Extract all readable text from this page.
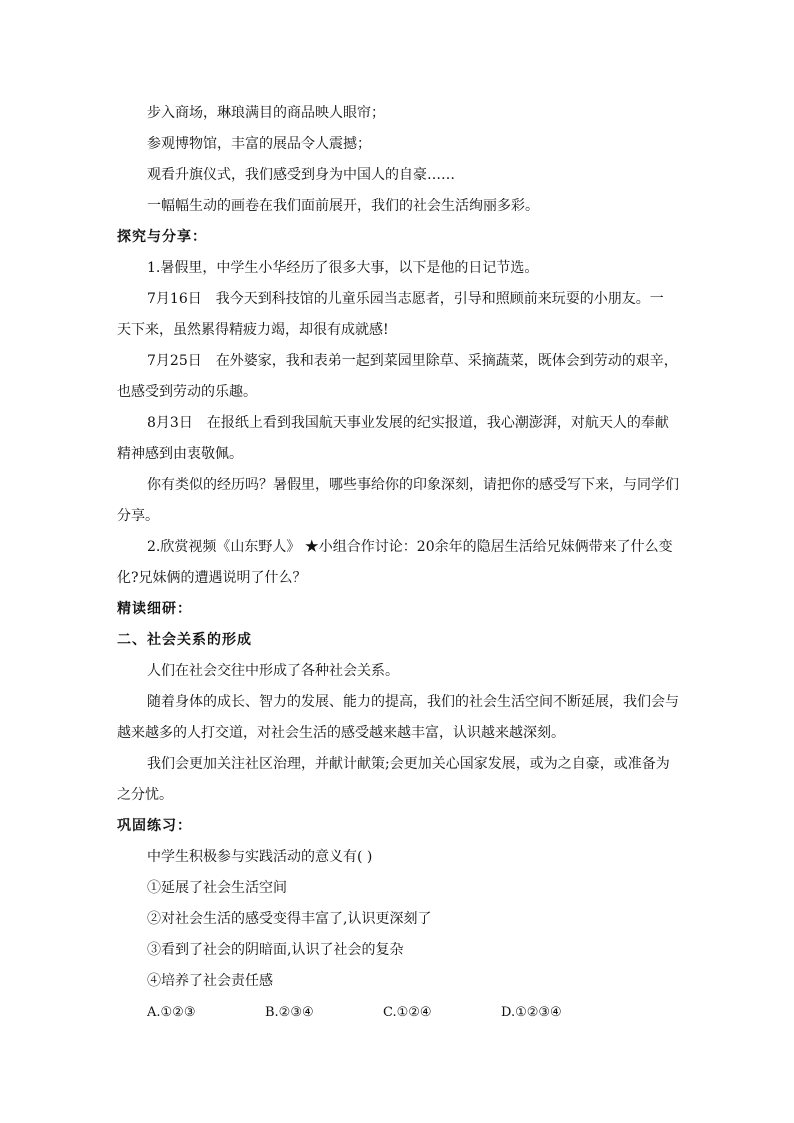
步入商场，琳琅满目的商品映人眼帘；
参观博物馆，丰富的展品令人震撼；
观看升旗仪式，我们感受到身为中国人的自豪……
一幅幅生动的画卷在我们面前展开，我们的社会生活绚丽多彩。
探究与分享：
1.暑假里，中学生小华经历了很多大事，以下是他的日记节选。
7月16日 我今天到科技馆的儿童乐园当志愿者，引导和照顾前来玩耍的小朋友。一
天下来，虽然累得精疲力竭，却很有成就感!
7月25日 在外婆家，我和表弟一起到菜园里除草、采摘蔬菜，既体会到劳动的艰辛，
也感受到劳动的乐趣。
8月3日 在报纸上看到我国航天事业发展的纪实报道，我心潮澎湃，对航天人的奉献
精神感到由衷敬佩。
你有类似的经历吗？暑假里，哪些事给你的印象深刻，请把你的感受写下来，与同学们
分享。
2.欣赏视频《山东野人》 ★小组合作讨论：20余年的隐居生活给兄妹俩带来了什么变
化?兄妹俩的遭遇说明了什么？
精读细研：
二、社会关系的形成
人们在社会交往中形成了各种社会关系。
随着身体的成长、智力的发展、能力的提高，我们的社会生活空间不断延展，我们会与
越来越多的人打交道，对社会生活的感受越来越丰富，认识越来越深刻。
我们会更加关注社区治理，并献计献策;会更加关心国家发展，或为之自豪，或准备为
之分忧。
巩固练习：
中学生积极参与实践活动的意义有( )
①延展了社会生活空间
②对社会生活的感受变得丰富了,认识更深刻了
③看到了社会的阴暗面,认识了社会的复杂
④培养了社会责任感
A.①②③	B.②③④	C.①②④	D.①②③④
